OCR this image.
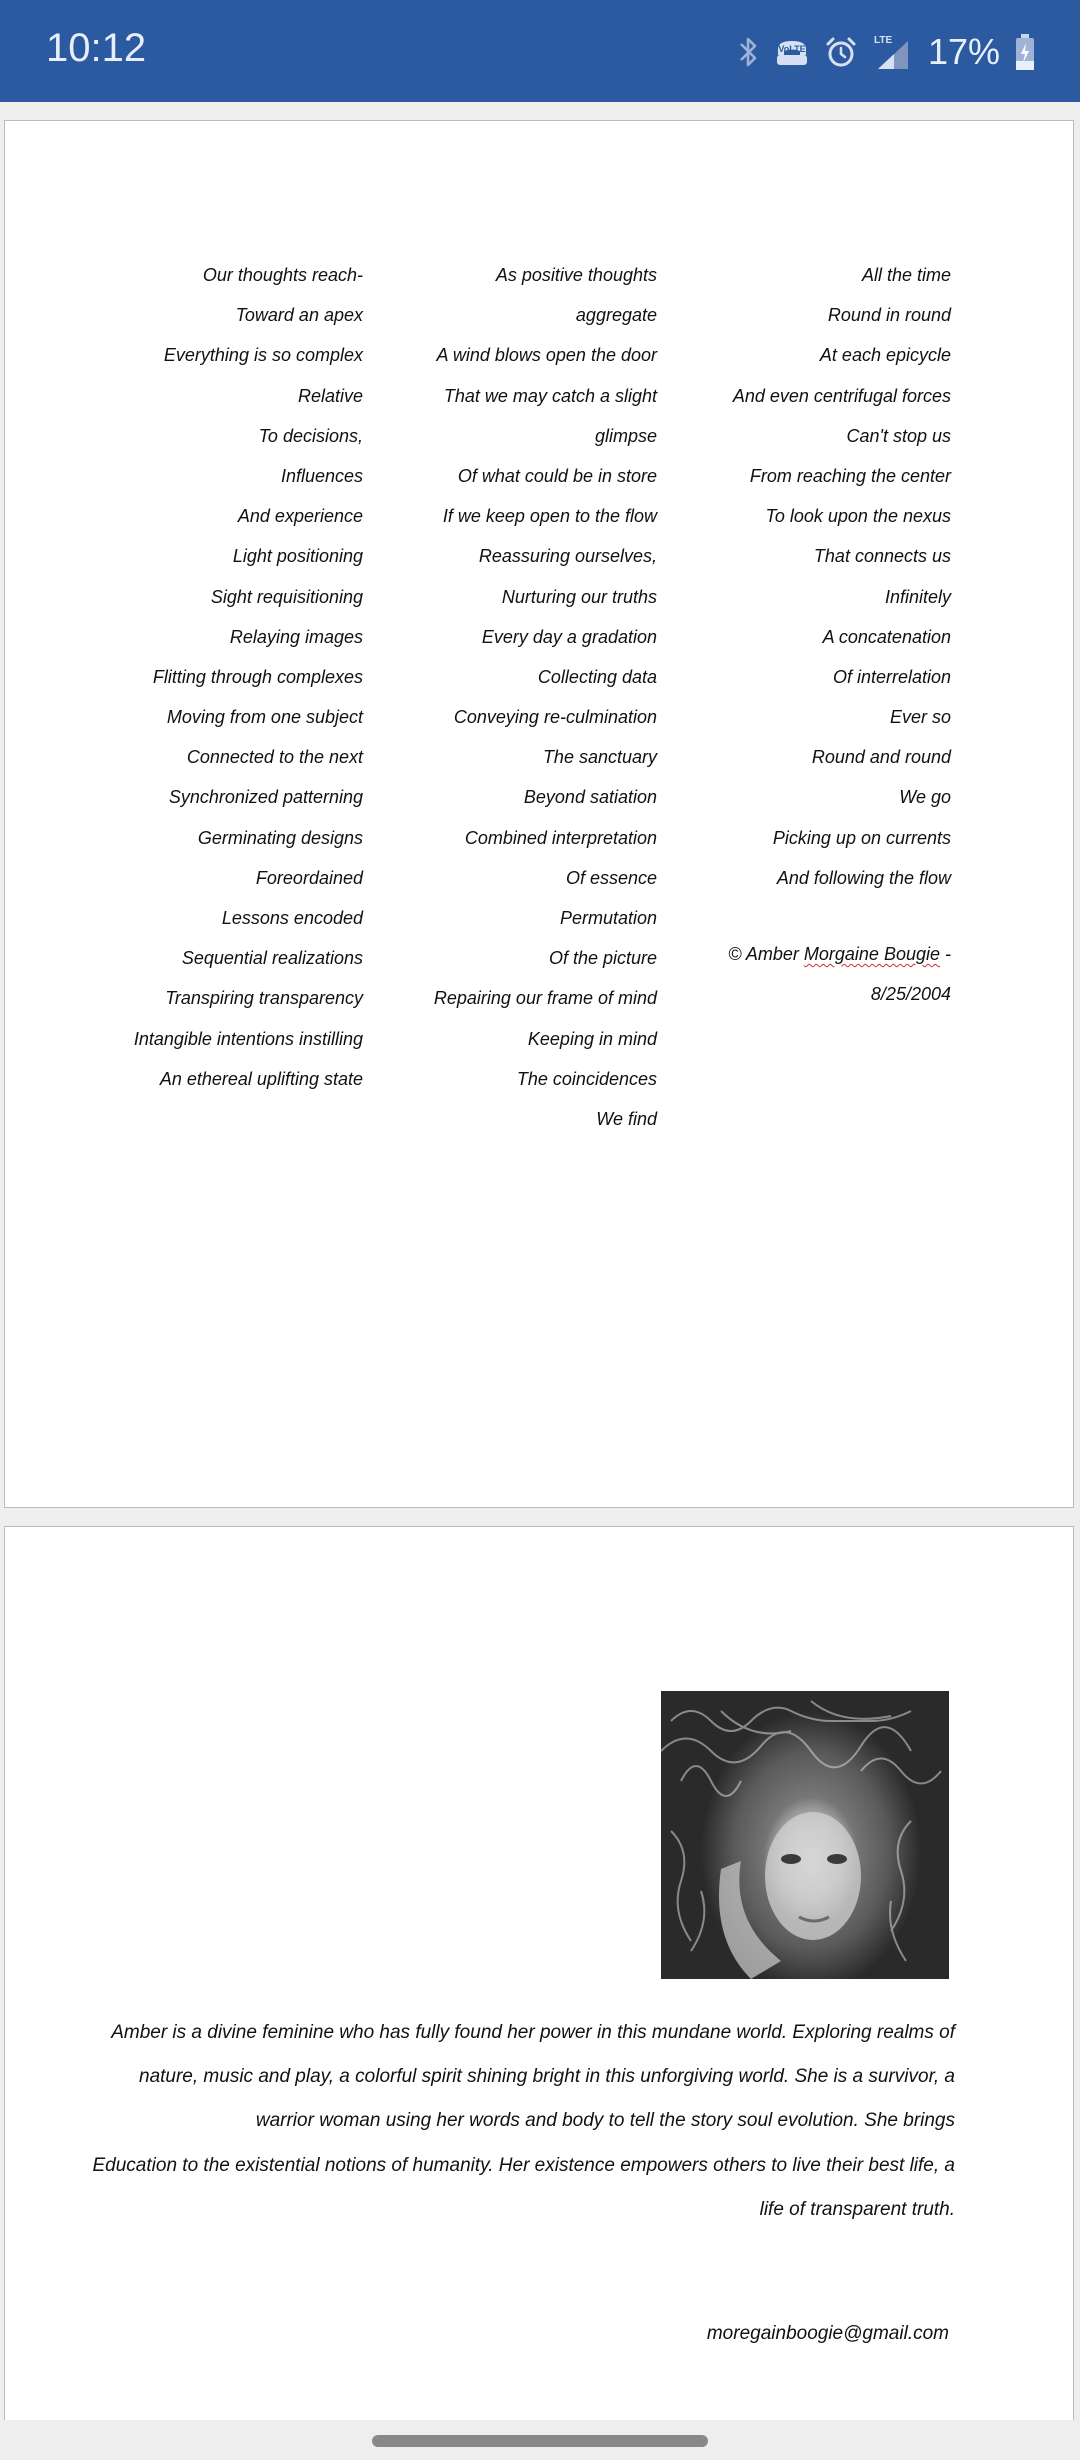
10:12	VoLTE
LTE 17%
Our thoughts reach-
Toward an apex
Everything is so complex
Relative
To decisions,
Influences
And experience
Light positioning
Sight requisitioning
Relaying images
Flitting through complexes
Moving from one subject
Connected to the next
Synchronized patterning
Germinating designs
Foreordained
Lessons encoded
Sequential realizations
Transpiring transparency
Intangible intentions instilling
An ethereal uplifting state
As positive thoughts
aggregate
A wind blows open the door
That we may catch a slight
glimpse
Of what could be in store
If we keep open to the flow
Reassuring ourselves,
Nurturing our truths
Every day a gradation
Collecting data
Conveying re-culmination
The sanctuary
Beyond satiation
Combined interpretation
Of essence
Permutation
Of the picture
Repairing our frame of mind
Keeping in mind
The coincidences
We find
All the time
Round in round
At each epicycle
And even centrifugal forces
Can't stop us
From reaching the center
To look upon the nexus
That connects us
Infinitely
A concatenation
Of interrelation
Ever so
Round and round
We go
Picking up on currents
And following the flow
© Amber Morgaine Bougie -
8/25/2004

Amber is a divine feminine who has fully found her power in this mundane world. Exploring realms of nature, music and play, a colorful spirit shining bright in this unforgiving world. She is a survivor, a warrior woman using her words and body to tell the story soul evolution. She brings

Education to the existential notions of humanity. Her existence empowers others to live their best life, a life of transparent truth.

moregainboogie@gmail.com
